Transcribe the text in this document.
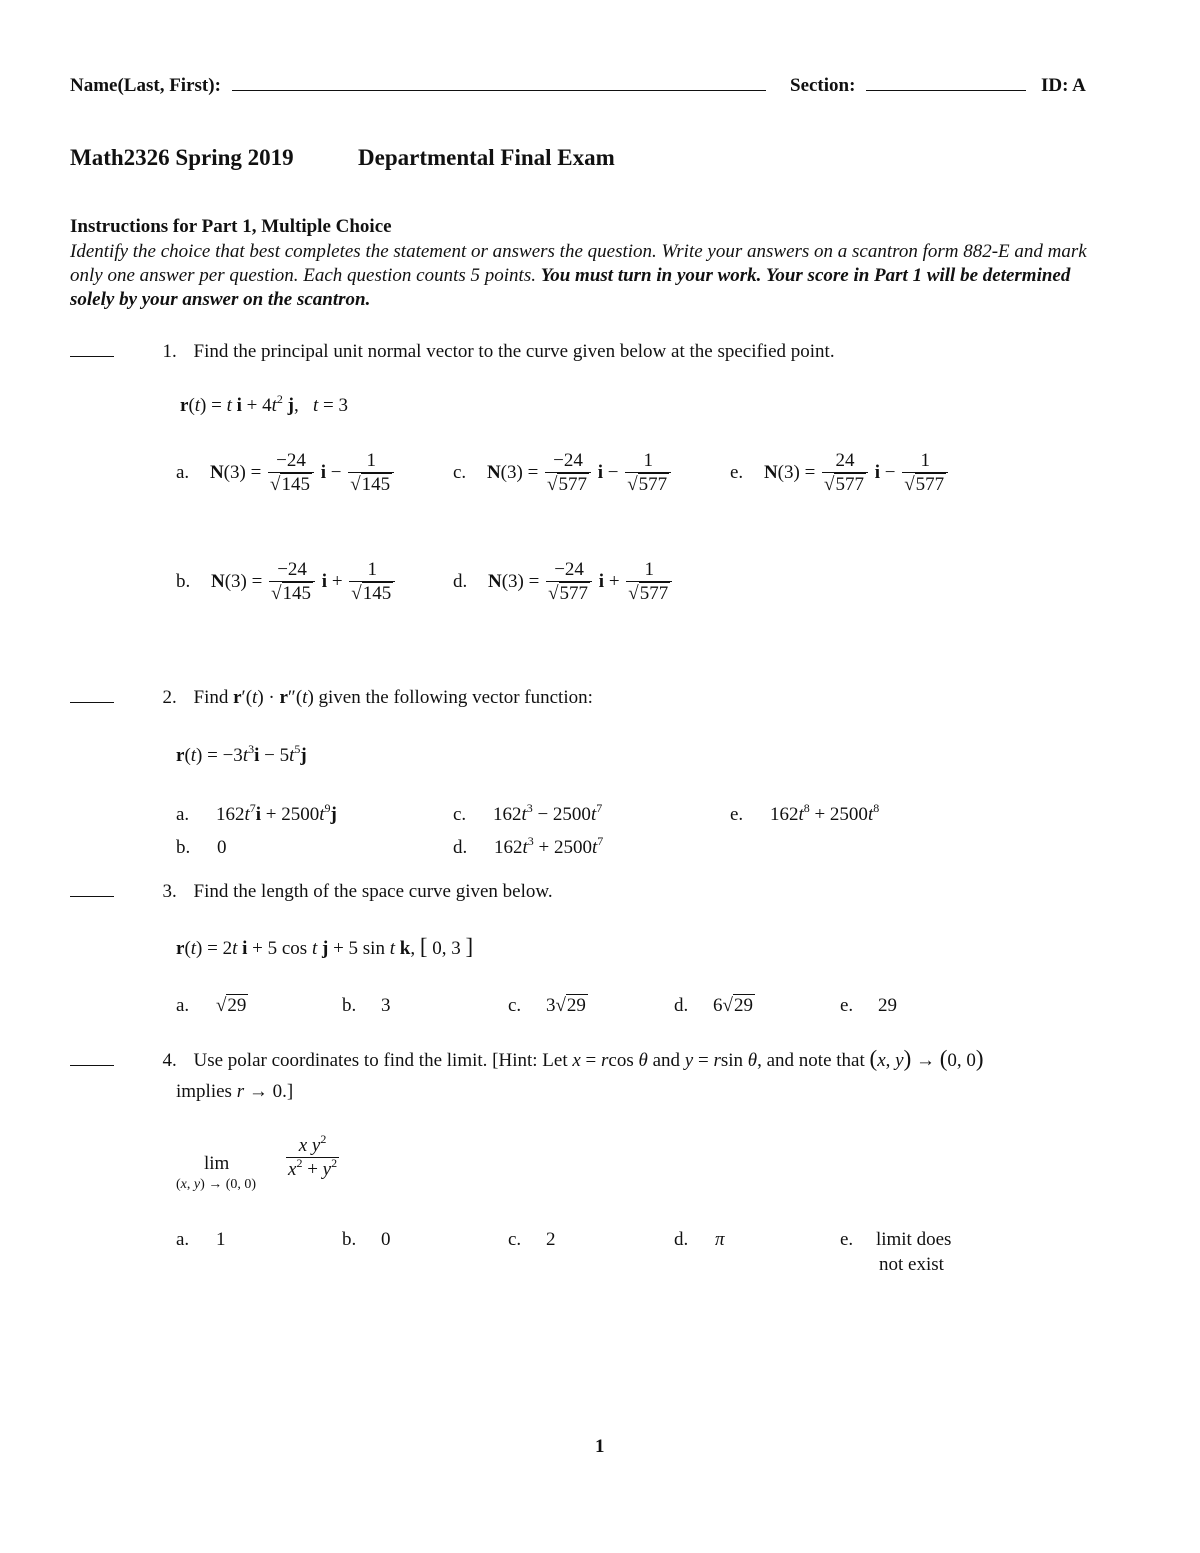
Name(Last, First):	Section:	ID: A
Math2326 Spring 2019	Departmental Final Exam
Instructions for Part 1, Multiple Choice
Identify the choice that best completes the statement or answers the question. Write your answers on a scantron form 882-E and mark only one answer per question. Each question counts 5 points. You must turn in your work. Your score in Part 1 will be determined solely by your answer on the scantron.
1. Find the principal unit normal vector to the curve given below at the specified point.
r(t) = t $i + 4t^2$ j,   t = 3
a. $N(3) = \frac{-24}{√145}$ $i - \frac{1}{√145}$	c. $N(3) = \frac{-24}{√577}$ $i - \frac{1}{√577}$	e. $N(3) = \frac{24}{√577}$ $i - \frac{1}{√577}$
b. $N(3) = \frac{-24}{√145}$ $i + \frac{1}{√145}$	d. $N(3) = \frac{-24}{√577}$ $i + \frac{1}{√577}$
2. Find r′(t) · r″(t) given the following vector function:
$r(t) = -3t^3i - 5t^5j$
a. $162t^7i + 2500t^9j$	c. $162t^3 - 2500t^7$	e. $162t^8 + 2500t^8$
b. 0	d. $162t^3 + 2500t^7$
3. Find the length of the space curve given below.
r(t) = 2t i + 5 cos t j + 5 sin t k, [ 0, 3 ]
a. √29	b. 3	c. 3√29	d. 6√29	e. 29
4. Use polar coordinates to find the limit. [Hint: Let x = rcos θ and y = rsin θ, and note that (x, y) → (0, 0)
implies r → 0.]
lim
(x, y) → (0, 0)
$\frac{x y^2}{x^2 + y^2}$
a. 1	b. 0	c. 2	d. π	e. limit does
not exist
1
